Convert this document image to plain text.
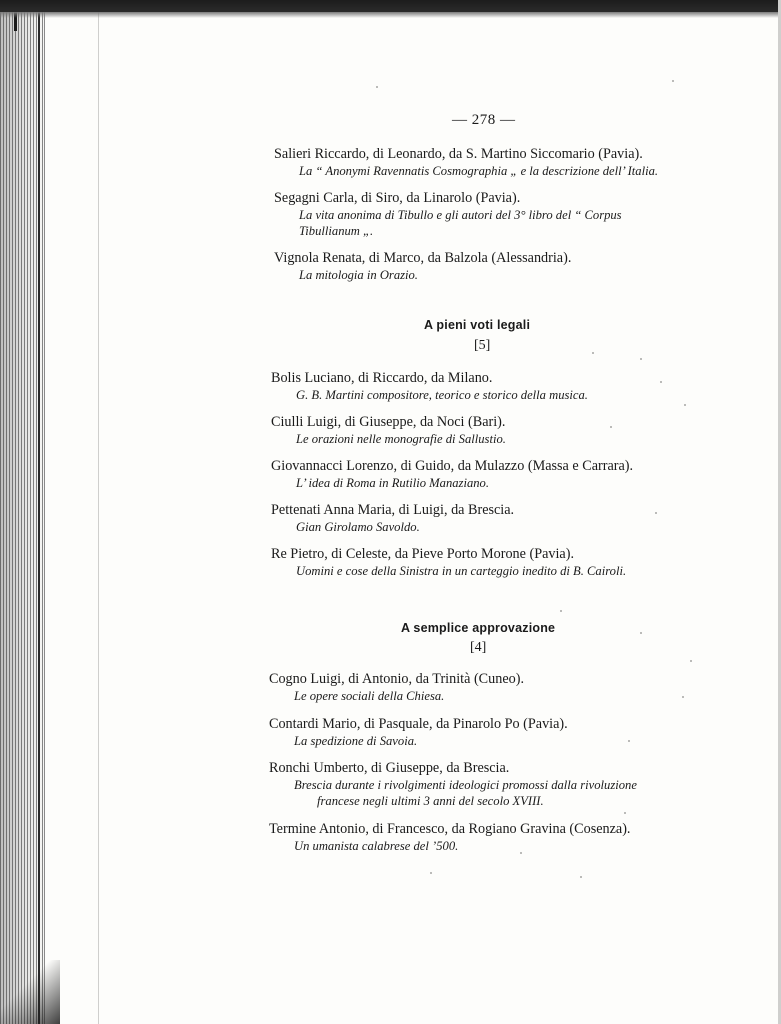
— 278 —
Salieri Riccardo, di Leonardo, da S. Martino Siccomario (Pavia).
La “ Anonymi Ravennatis Cosmographia „ e la descrizione dell’ Italia.
Segagni Carla, di Siro, da Linarolo (Pavia).
La vita anonima di Tibullo e gli autori del 3° libro del “ Corpus
Tibullianum „.
Vignola Renata, di Marco, da Balzola (Alessandria).
La mitologia in Orazio.
A pieni voti legali
[5]
Bolis Luciano, di Riccardo, da Milano.
G. B. Martini compositore, teorico e storico della musica.
Ciulli Luigi, di Giuseppe, da Noci (Bari).
Le orazioni nelle monografie di Sallustio.
Giovannacci Lorenzo, di Guido, da Mulazzo (Massa e Carrara).
L’ idea di Roma in Rutilio Manaziano.
Pettenati Anna Maria, di Luigi, da Brescia.
Gian Girolamo Savoldo.
Re Pietro, di Celeste, da Pieve Porto Morone (Pavia).
Uomini e cose della Sinistra in un carteggio inedito di B. Cairoli.
A semplice approvazione
[4]
Cogno Luigi, di Antonio, da Trinità (Cuneo).
Le opere sociali della Chiesa.
Contardi Mario, di Pasquale, da Pinarolo Po (Pavia).
La spedizione di Savoia.
Ronchi Umberto, di Giuseppe, da Brescia.
Brescia durante i rivolgimenti ideologici promossi dalla rivoluzione
francese negli ultimi 3 anni del secolo XVIII.
Termine Antonio, di Francesco, da Rogiano Gravina (Cosenza).
Un umanista calabrese del ’500.
